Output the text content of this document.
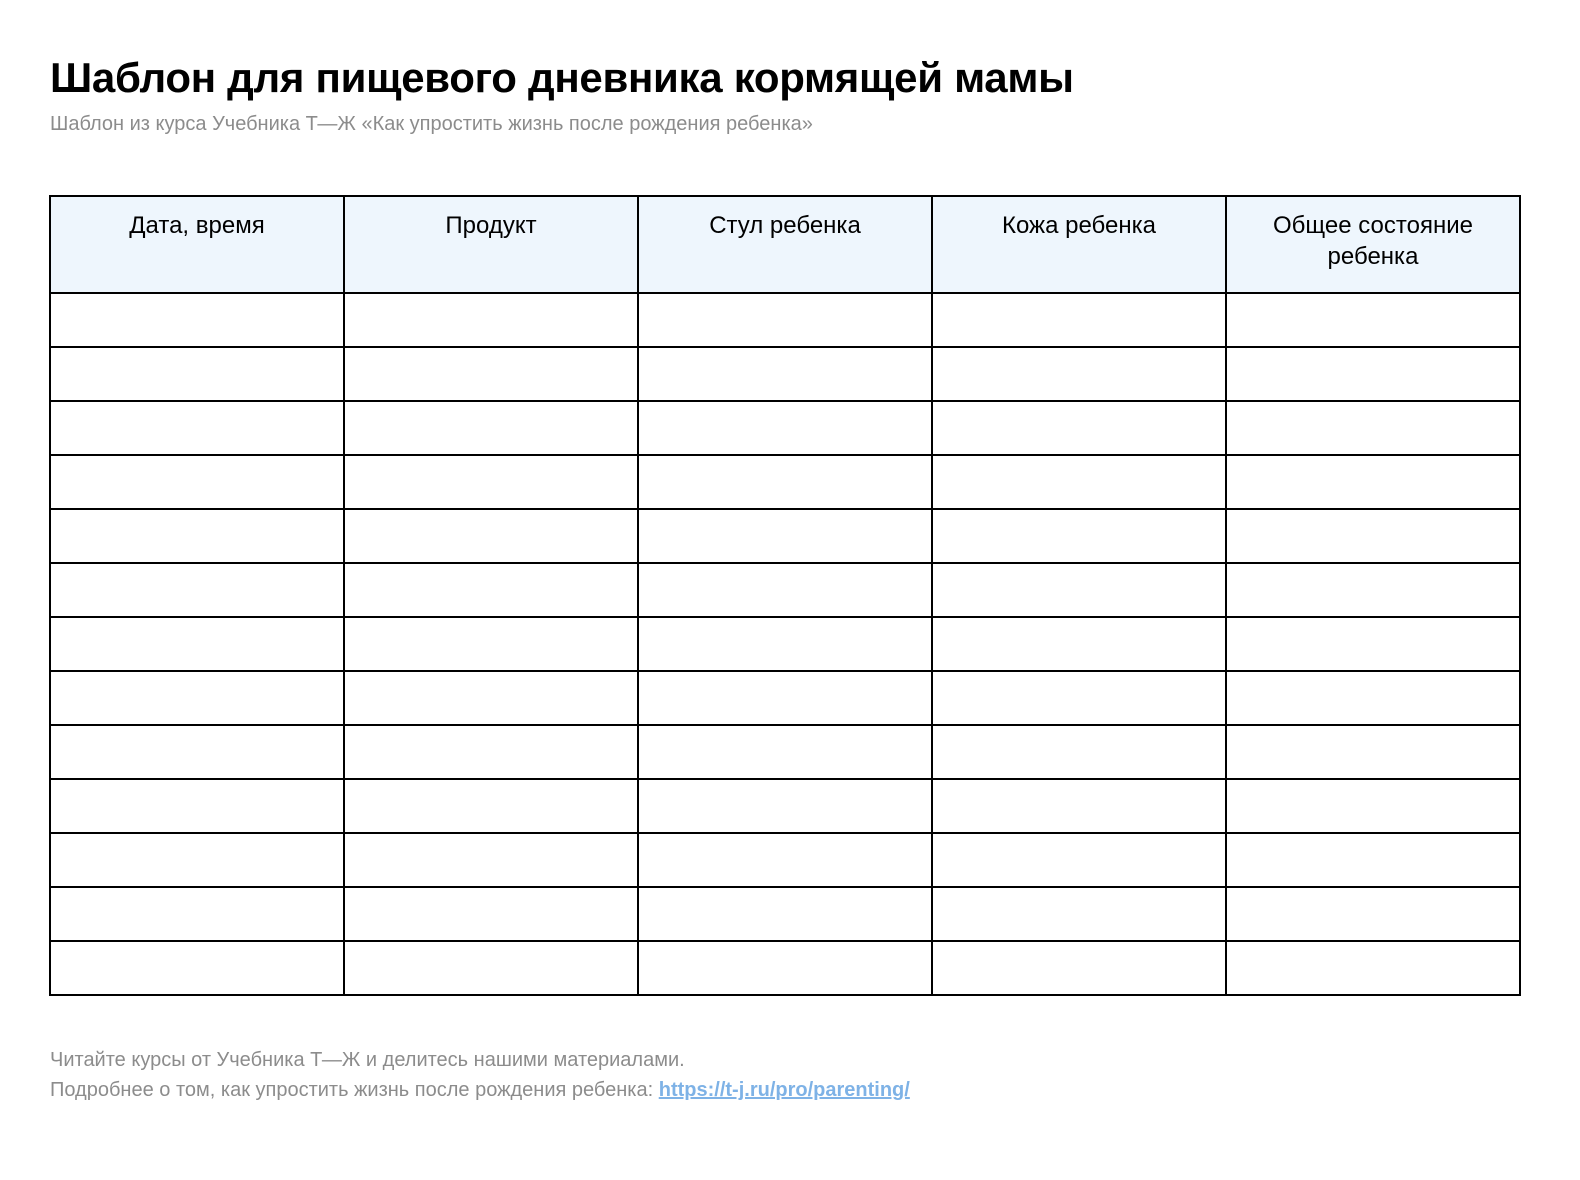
Шаблон для пищевого дневника кормящей мамы

Шаблон из курса Учебника Т—Ж «Как упростить жизнь после рождения ребенка»

Дата, время	Продукт	Стул ребенка	Кожа ребенка	Общее состояние ребенка

Читайте курсы от Учебника Т—Ж и делитесь нашими материалами.

Подробнее о том, как упростить жизнь после рождения ребенка: https://t-j.ru/pro/parenting/
